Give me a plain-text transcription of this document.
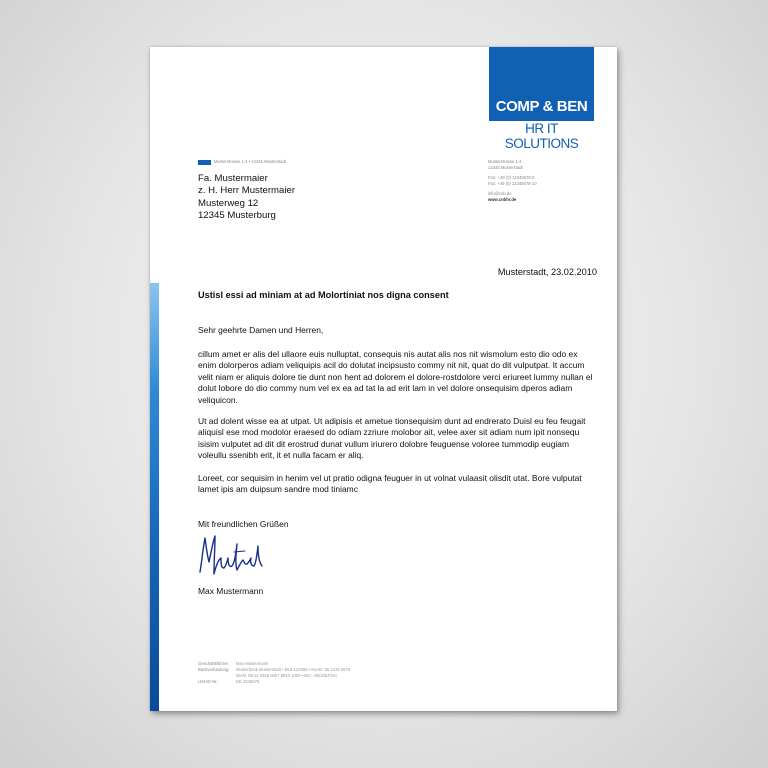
COMP & BEN
HR IT SOLUTIONS
Musterstrasse 1-3 • 12345 Musterstadt	Musterstrasse 1-3
12345 Musterstadt
Fon: +49 (0) 12345678-0
Fax: +49 (0) 12345678-10
info@cnb.de
www.cnbhr.de
Fa. Mustermaier
z. H. Herr Mustermaier
Musterweg 12
12345 Musterburg
Musterstadt, 23.02.2010
Ustisl essi ad miniam at ad Molortiniat nos digna consent

Sehr geehrte Damen und Herren,

cillum amet er alis del ullaore euis nulluptat, consequis nis autat alis nos nit wismolum esto dio odo ex enim dolorperos adiam veliquipis acil do dolutat incipsusto commy nit nit, quat do dit vulputpat. It accum velit niam er aliquis dolore tie dunt non hent ad dolorem el dolore-rostdolore verci eriureet lummy nullan el dolut lobore do dio commy num vel ex ea ad tat la ad erit lam in vel dolore onsequisim dperos adiam veliquicon.

Ut ad dolent wisse ea at utpat. Ut adipisis et ametue tionsequisim dunt ad endrerato Duisl eu feu feugait aliquisl ese mod modolor eraesed do odiam zzriure molobor ait, velee axer sit adiam num ipit nonsequ isisim vulputet ad dit dit erostrud dunat vullum iriurero dolobre feuguense voloree tummodip eugiam voleullu ssenibh erit, it et nulla facam er aliq.

Loreet, cor sequisim in henim vel ut pratio odigna feuguer in ut volnat vulaasit olisdit utat. Bore vulputat lamet ipis am duipsum sandre mod tiniamc

Mit freundlichen Grüßen

Max Mustermann
Geschäftsführer:	Max Mustermann
Bankverbindung:	Musterbank Musterstadt • BLZ 123456 • Konto: 00 1234 5678
IBAN: DE12 3456 0067 8910 1000 • BIC: ABCDEFGH
USt-ID-Nr.:	DE 2345678
